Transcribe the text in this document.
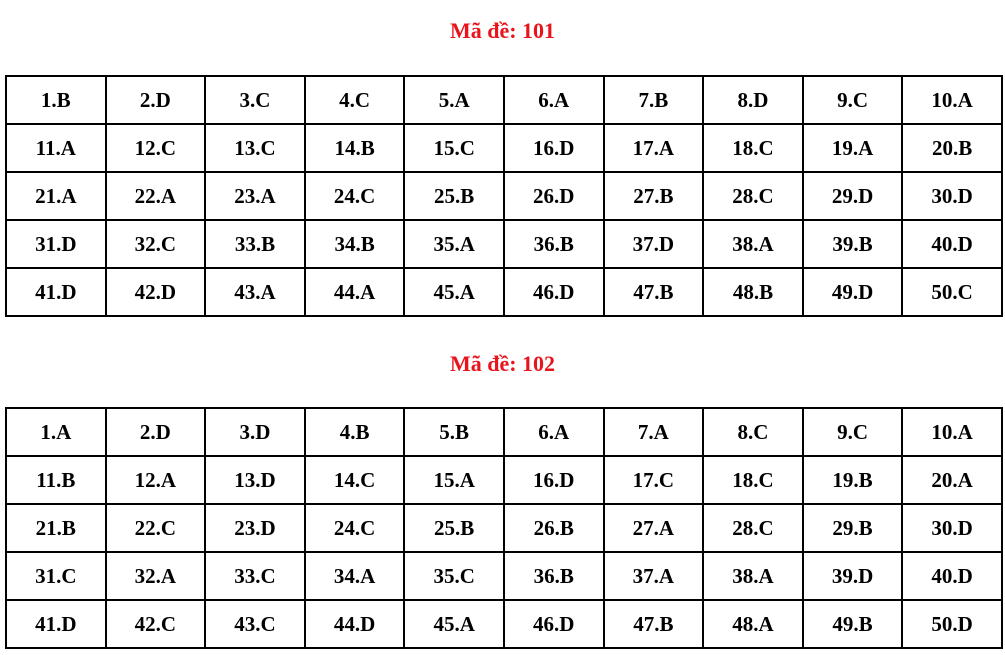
Mã đề: 101
1.B	2.D	3.C	4.C	5.A	6.A	7.B	8.D	9.C	10.A
11.A	12.C	13.C	14.B	15.C	16.D	17.A	18.C	19.A	20.B
21.A	22.A	23.A	24.C	25.B	26.D	27.B	28.C	29.D	30.D
31.D	32.C	33.B	34.B	35.A	36.B	37.D	38.A	39.B	40.D
41.D	42.D	43.A	44.A	45.A	46.D	47.B	48.B	49.D	50.C
Mã đề: 102
1.A	2.D	3.D	4.B	5.B	6.A	7.A	8.C	9.C	10.A
11.B	12.A	13.D	14.C	15.A	16.D	17.C	18.C	19.B	20.A
21.B	22.C	23.D	24.C	25.B	26.B	27.A	28.C	29.B	30.D
31.C	32.A	33.C	34.A	35.C	36.B	37.A	38.A	39.D	40.D
41.D	42.C	43.C	44.D	45.A	46.D	47.B	48.A	49.B	50.D
